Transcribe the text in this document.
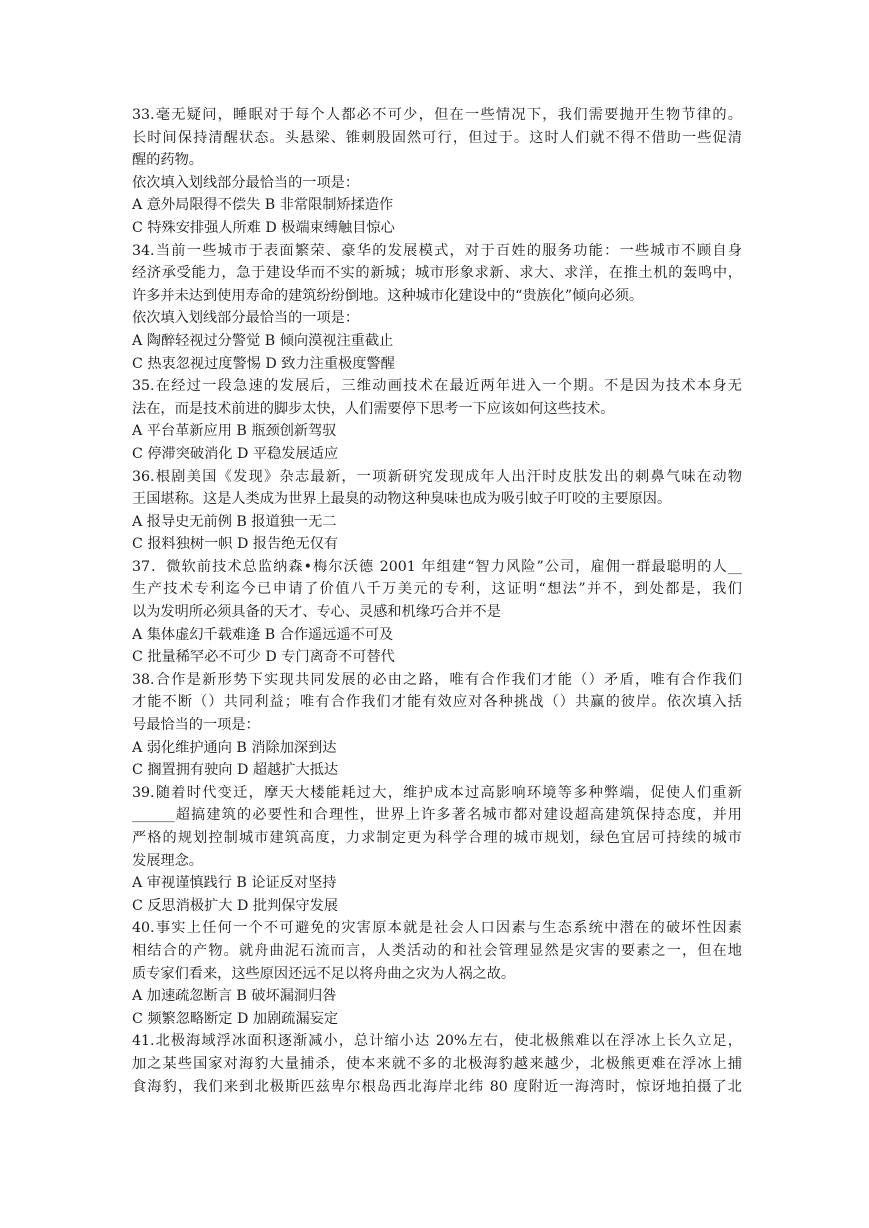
33.毫无疑问，睡眠对于每个人都必不可少，但在一些情况下，我们需要抛开生物节律的。
长时间保持清醒状态。头悬梁、锥刺股固然可行，但过于。这时人们就不得不借助一些促清
醒的药物。
依次填入划线部分最恰当的一项是：
A 意外局限得不偿失 B 非常限制矫揉造作
C 特殊安排强人所难 D 极端束缚触目惊心
34.当前一些城市于表面繁荣、豪华的发展模式，对于百姓的服务功能：一些城市不顾自身
经济承受能力，急于建设华而不实的新城；城市形象求新、求大、求洋，在推土机的轰鸣中，
许多并未达到使用寿命的建筑纷纷倒地。这种城市化建设中的“贵族化”倾向必须。
依次填入划线部分最恰当的一项是：
A 陶醉轻视过分警觉 B 倾向漠视注重截止
C 热衷忽视过度警惕 D 致力注重极度警醒
35.在经过一段急速的发展后，三维动画技术在最近两年进入一个期。不是因为技术本身无
法在，而是技术前进的脚步太快，人们需要停下思考一下应该如何这些技术。
A 平台革新应用 B 瓶颈创新驾驭
C 停滞突破消化 D 平稳发展适应
36.根剧美国《发现》杂志最新，一项新研究发现成年人出汗时皮肤发出的刺鼻气味在动物
王国堪称。这是人类成为世界上最臭的动物这种臭味也成为吸引蚊子叮咬的主要原因。
A 报导史无前例 B 报道独一无二
C 报料独树一帜 D 报告绝无仅有
37．微软前技术总监纳森•梅尔沃德 2001 年组建“智力风险”公司，雇佣一群最聪明的人__
生产技术专利迄今已申请了价值八千万美元的专利，这证明“想法”并不，到处都是，我们
以为发明所必须具备的天才、专心、灵感和机缘巧合并不是
A 集体虚幻千载难逢 B 合作遥远遥不可及
C 批量稀罕必不可少 D 专门离奇不可替代
38.合作是新形势下实现共同发展的必由之路，唯有合作我们才能（）矛盾，唯有合作我们
才能不断（）共同利益；唯有合作我们才能有效应对各种挑战（）共赢的彼岸。依次填入括
号最恰当的一项是：
A 弱化维护通向 B 消除加深到达
C 搁置拥有驶向 D 超越扩大抵达
39.随着时代变迁，摩天大楼能耗过大，维护成本过高影响环境等多种弊端，促使人们重新
______超搞建筑的必要性和合理性，世界上许多著名城市都对建设超高建筑保持态度，并用
严格的规划控制城市建筑高度，力求制定更为科学合理的城市规划，绿色宜居可持续的城市
发展理念。
A 审视谨慎践行 B 论证反对坚持
C 反思消极扩大 D 批判保守发展
40.事实上任何一个不可避免的灾害原本就是社会人口因素与生态系统中潜在的破坏性因素
相结合的产物。就舟曲泥石流而言，人类活动的和社会管理显然是灾害的要素之一，但在地
质专家们看来，这些原因还远不足以将舟曲之灾为人祸之故。
A 加速疏忽断言 B 破坏漏洞归咎
C 频繁忽略断定 D 加剧疏漏妄定
41.北极海域浮冰面积逐渐减小，总计缩小达 20%左右，使北极熊难以在浮冰上长久立足，
加之某些国家对海豹大量捕杀，使本来就不多的北极海豹越来越少，北极熊更难在浮冰上捕
食海豹，我们来到北极斯匹兹卑尔根岛西北海岸北纬 80 度附近一海湾时，惊讶地拍摄了北
